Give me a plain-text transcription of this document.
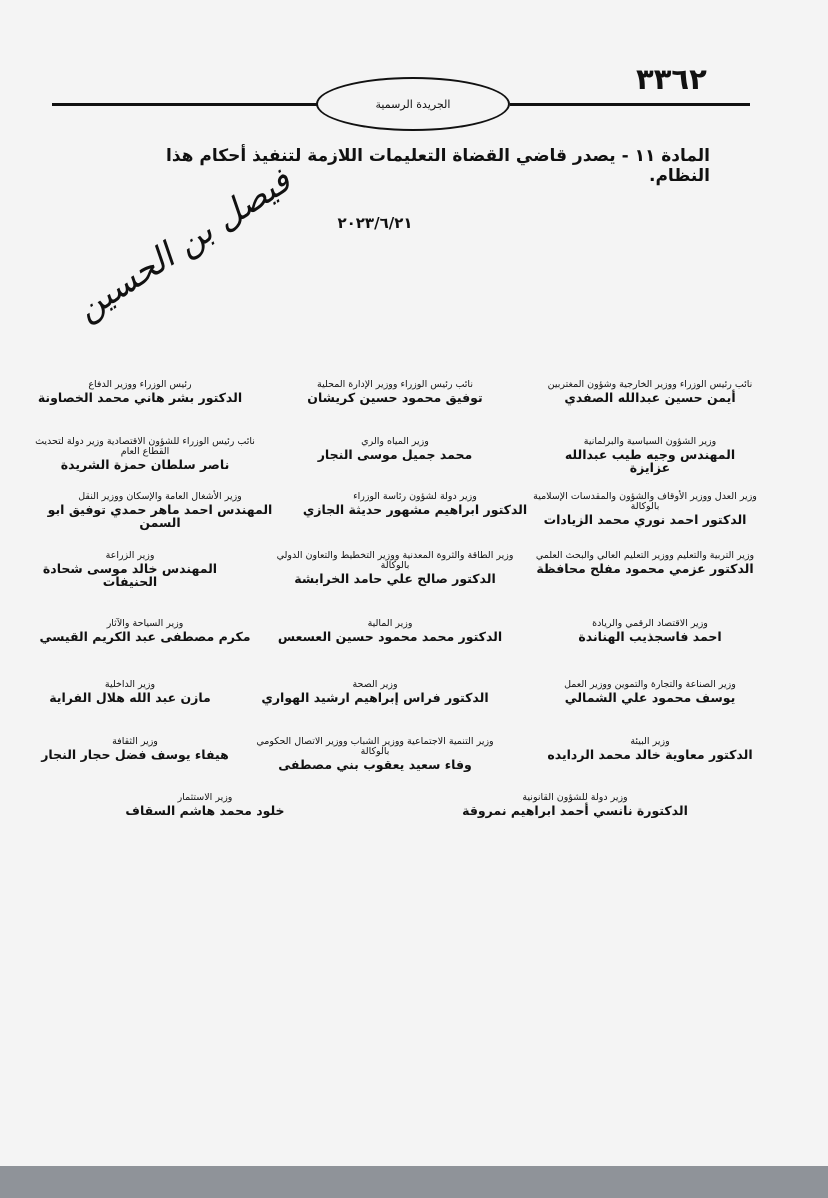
٣٣٦٢
الجريدة الرسمية
المادة ١١ - يصدر قاضي القضاة التعليمات اللازمة لتنفيذ أحكام هذا النظام.
٢٠٢٣/٦/٢١
فيصل بن الحسين
نائب رئيس الوزراء ووزير الخارجية وشؤون المغتربين
أيمن حسين عبدالله الصفدي
نائب رئيس الوزراء ووزير الإدارة المحلية
توفيق محمود حسين كريشان
رئيس الوزراء ووزير الدفاع
الدكتور بشر هاني محمد الخصاونة
وزير الشؤون السياسية والبرلمانية
المهندس وجيه طيب عبدالله عزايزة
وزير المياه والري
محمد جميل موسى النجار
نائب رئيس الوزراء للشؤون الاقتصادية وزير دولة لتحديث القطاع العام
ناصر سلطان حمزة الشريدة
وزير العدل ووزير الأوقاف والشؤون والمقدسات الإسلامية بالوكالة
الدكتور احمد نوري محمد الزيادات
وزير دولة لشؤون رئاسة الوزراء
الدكتور ابراهيم مشهور حديثة الجازي
وزير الأشغال العامة والإسكان ووزير النقل
المهندس احمد ماهر حمدي توفيق ابو السمن
وزير التربية والتعليم ووزير التعليم العالي والبحث العلمي
الدكتور عزمي محمود مفلح محافظة
وزير الطاقة والثروة المعدنية ووزير التخطيط والتعاون الدولي بالوكالة
الدكتور صالح علي حامد الخرابشة
وزير الزراعة
المهندس خالد موسى شحادة الحنيفات
وزير الاقتصاد الرقمي والريادة
احمد فاسجذيب الهناندة
وزير المالية
الدكتور محمد محمود حسين العسعس
وزير السياحة والآثار
مكرم مصطفى عبد الكريم القيسي
وزير الصناعة والتجارة والتموين ووزير العمل
يوسف محمود علي الشمالي
وزير الصحة
الدكتور فراس إبراهيم ارشيد الهواري
وزير الداخلية
مازن عبد الله هلال الفراية
وزير البيئة
الدكتور معاوية خالد محمد الردايده
وزير التنمية الاجتماعية ووزير الشباب ووزير الاتصال الحكومي بالوكالة
وفاء سعيد يعقوب بني مصطفى
وزير الثقافة
هيفاء يوسف فضل حجار النجار
وزير دولة للشؤون القانونية
الدكتورة نانسي أحمد ابراهيم نمروقة
وزير الاستثمار
خلود محمد هاشم السقاف
